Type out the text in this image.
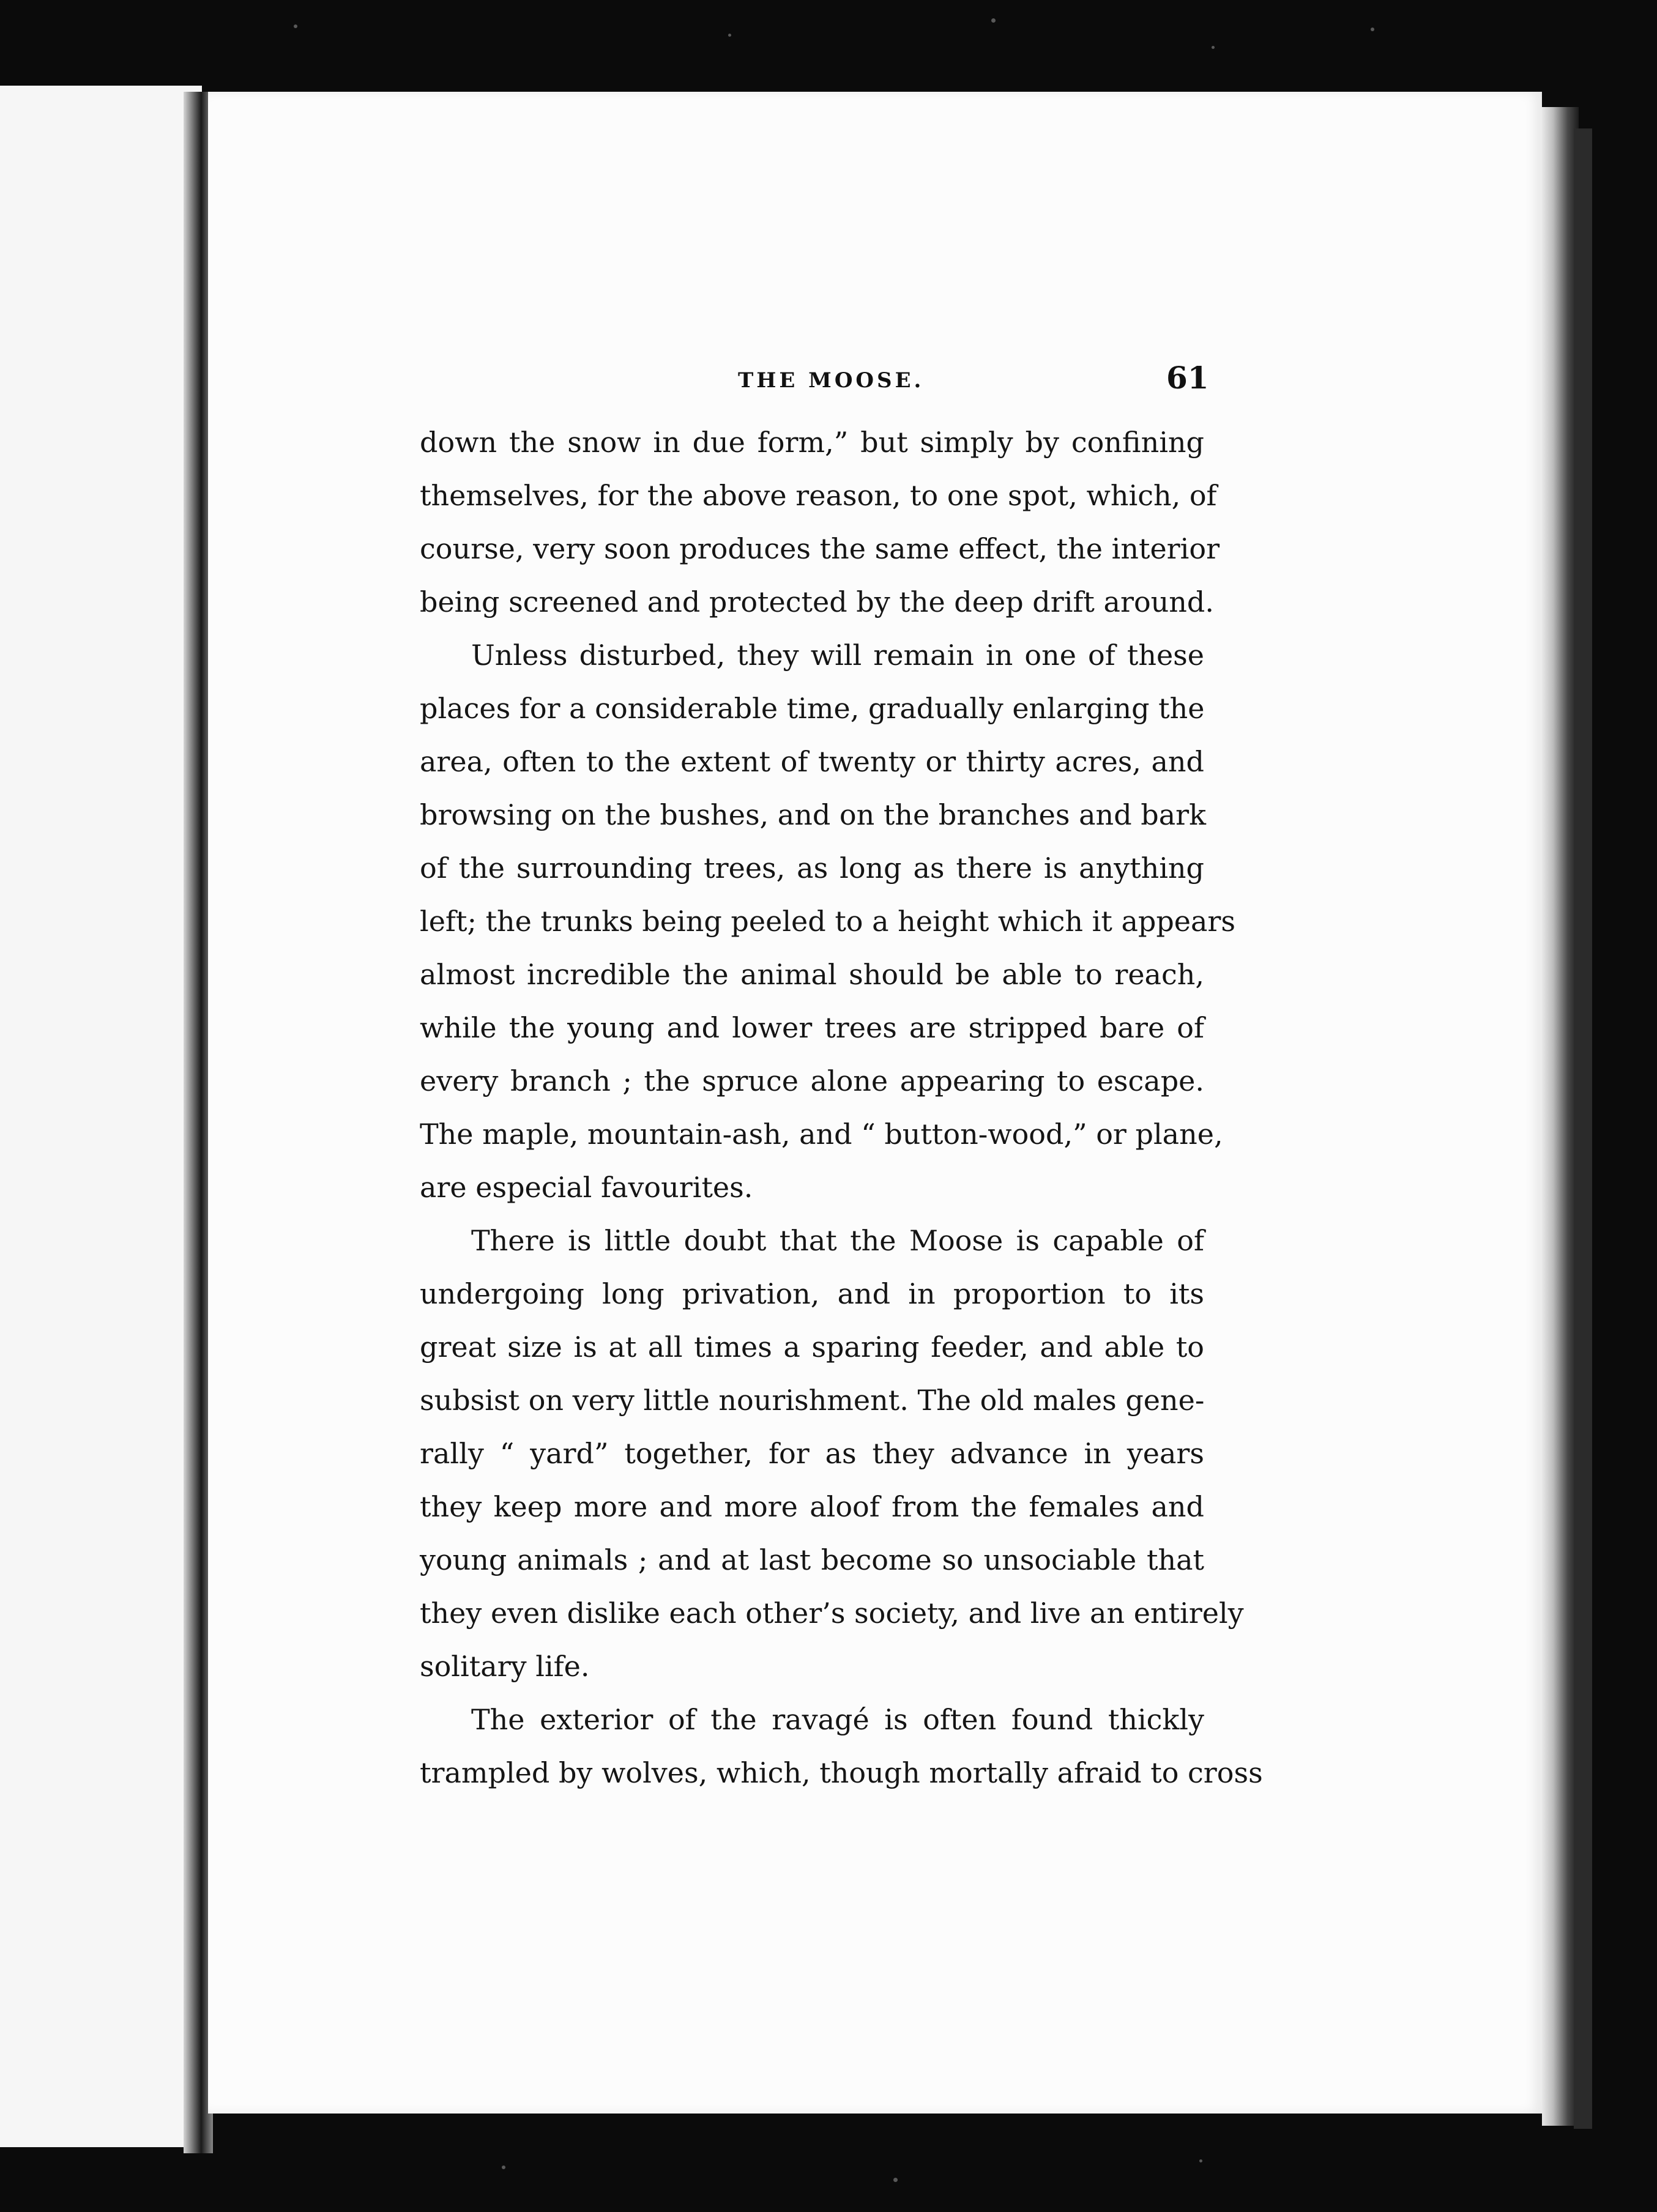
THE MOOSE.	61
down the snow in due form,” but simply by confining
themselves, for the above reason, to one spot, which, of
course, very soon produces the same effect, the interior
being screened and protected by the deep drift around.
Unless disturbed, they will remain in one of these
places for a considerable time, gradually enlarging the
area, often to the extent of twenty or thirty acres, and
browsing on the bushes, and on the branches and bark
of the surrounding trees, as long as there is anything
left; the trunks being peeled to a height which it appears
almost incredible the animal should be able to reach,
while the young and lower trees are stripped bare of
every branch ; the spruce alone appearing to escape.
The maple, mountain-ash, and “ button-wood,” or plane,
are especial favourites.
There is little doubt that the Moose is capable of
undergoing long privation, and in proportion to its
great size is at all times a sparing feeder, and able to
subsist on very little nourishment. The old males gene-
rally “ yard” together, for as they advance in years
they keep more and more aloof from the females and
young animals ; and at last become so unsociable that
they even dislike each other’s society, and live an entirely
solitary life.
The exterior of the ravagé is often found thickly
trampled by wolves, which, though mortally afraid to cross
